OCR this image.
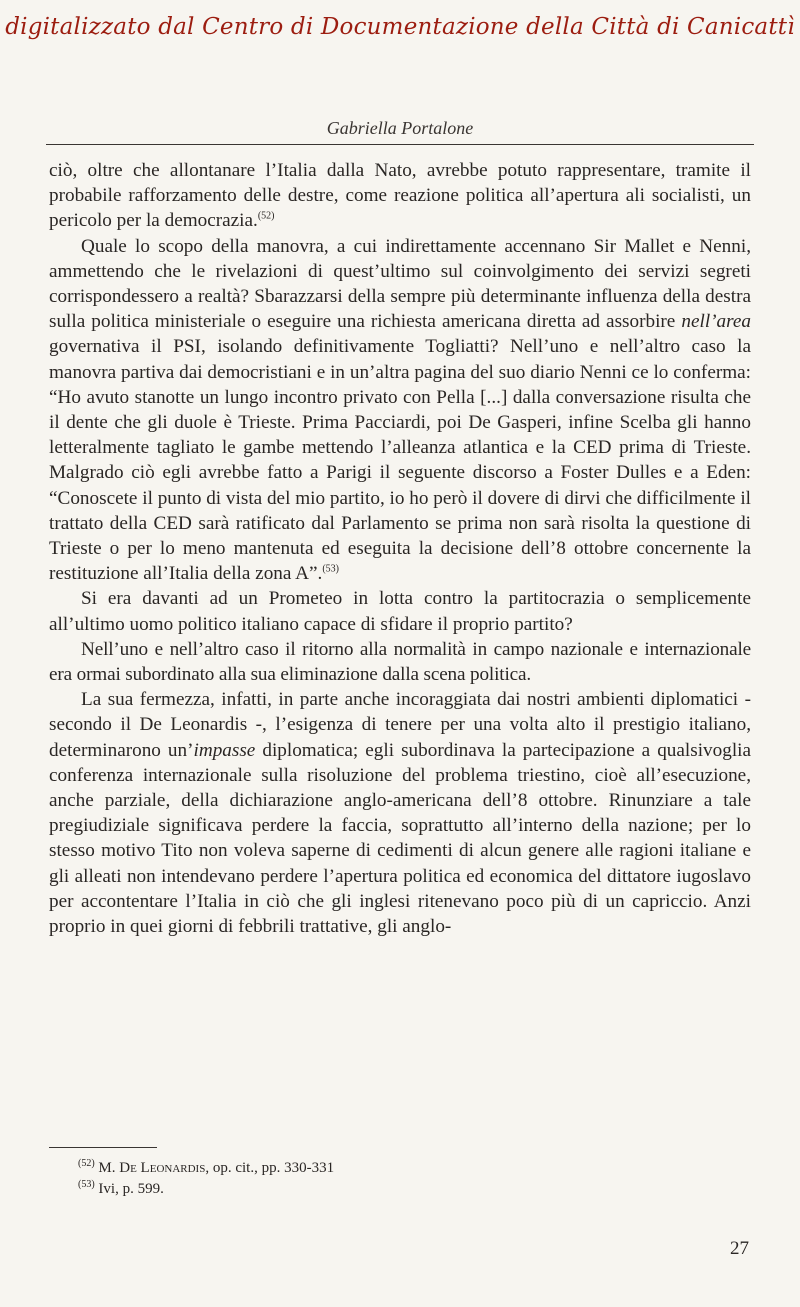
digitalizzato dal Centro di Documentazione della Città di Canicattì
Gabriella Portalone

ciò, oltre che allontanare l’Italia dalla Nato, avrebbe potuto rappresentare, tramite il probabile rafforzamento delle destre, come reazione politica all’apertura ali socialisti, un pericolo per la democrazia.$^{(52)}$

Quale lo scopo della manovra, a cui indirettamente accennano Sir Mallet e Nenni, ammettendo che le rivelazioni di quest’ultimo sul coinvolgimento dei servizi segreti corrispondessero a realtà? Sbarazzarsi della sempre più determinante influenza della destra sulla politica ministeriale o eseguire una richiesta americana diretta ad assorbire nell’area governativa il PSI, isolando definitivamente Togliatti? Nell’uno e nell’altro caso la manovra partiva dai democristiani e in un’altra pagina del suo diario Nenni ce lo conferma: “Ho avuto stanotte un lungo incontro privato con Pella [...] dalla conversazione risulta che il dente che gli duole è Trieste. Prima Pacciardi, poi De Gasperi, infine Scelba gli hanno letteralmente tagliato le gambe mettendo l’alleanza atlantica e la CED prima di Trieste. Malgrado ciò egli avrebbe fatto a Parigi il seguente discorso a Foster Dulles e a Eden: “Conoscete il punto di vista del mio partito, io ho però il dovere di dirvi che difficilmente il trattato della CED sarà ratificato dal Parlamento se prima non sarà risolta la questione di Trieste o per lo meno mantenuta ed eseguita la decisione dell’8 ottobre concernente la restituzione all’Italia della zona A”.$^{(53)}$

Si era davanti ad un Prometeo in lotta contro la partitocrazia o semplicemente all’ultimo uomo politico italiano capace di sfidare il proprio partito?

Nell’uno e nell’altro caso il ritorno alla normalità in campo nazionale e internazionale era ormai subordinato alla sua eliminazione dalla scena politica.

La sua fermezza, infatti, in parte anche incoraggiata dai nostri ambienti diplomatici - secondo il De Leonardis -, l’esigenza di tenere per una volta alto il prestigio italiano, determinarono un’impasse diplomatica; egli subordinava la partecipazione a qualsivoglia conferenza internazionale sulla risoluzione del problema triestino, cioè all’esecuzione, anche parziale, della dichiarazione anglo-americana dell’8 ottobre. Rinunziare a tale pregiudiziale significava perdere la faccia, soprattutto all’interno della nazione; per lo stesso motivo Tito non voleva saperne di cedimenti di alcun genere alle ragioni italiane e gli alleati non intendevano perdere l’apertura politica ed economica del dittatore iugoslavo per accontentare l’Italia in ciò che gli inglesi ritenevano poco più di un capriccio. Anzi proprio in quei giorni di febbrili trattative, gli anglo-

$^{(52)}$ M. De Leonardis, op. cit., pp. 330-331
$^{(53)}$ Ivi, p. 599.
27
